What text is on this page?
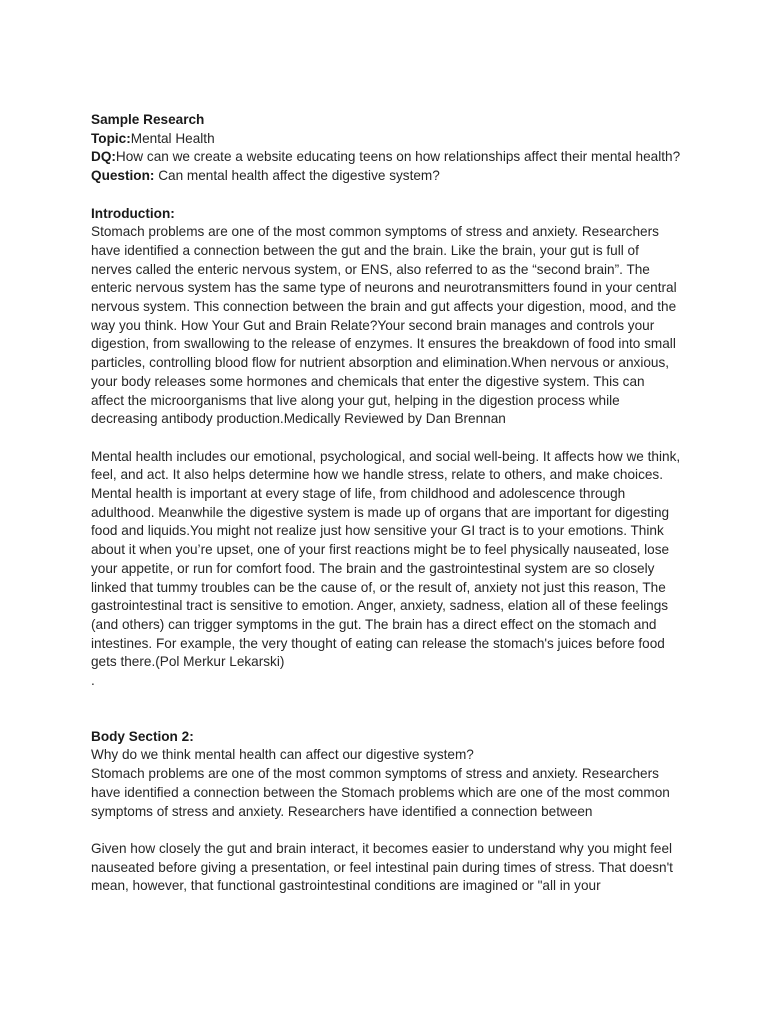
Sample Research

Topic:Mental Health

DQ:How can we create a website educating teens on how relationships affect their mental health?

Question: Can mental health affect the digestive system?

Introduction:

Stomach problems are one of the most common symptoms of stress and anxiety. Researchers have identified a connection between the gut and the brain. Like the brain, your gut is full of nerves called the enteric nervous system, or ENS, also referred to as the “second brain”. The enteric nervous system has the same type of neurons and neurotransmitters found in your central nervous system. This connection between the brain and gut affects your digestion, mood, and the way you think. How Your Gut and Brain Relate?Your second brain manages and controls your digestion, from swallowing to the release of enzymes. It ensures the breakdown of food into small particles, controlling blood flow for nutrient absorption and elimination.When nervous or anxious, your body releases some hormones and chemicals that enter the digestive system. This can affect the microorganisms that live along your gut, helping in the digestion process while decreasing antibody production.Medically Reviewed by Dan Brennan

Mental health includes our emotional, psychological, and social well-being. It affects how we think, feel, and act. It also helps determine how we handle stress, relate to others, and make choices. Mental health is important at every stage of life, from childhood and adolescence through adulthood. Meanwhile the digestive system is made up of organs that are important for digesting food and liquids.You might not realize just how sensitive your GI tract is to your emotions. Think about it when you’re upset, one of your first reactions might be to feel physically nauseated, lose your appetite, or run for comfort food. The brain and the gastrointestinal system are so closely linked that tummy troubles can be the cause of, or the result of, anxiety not just this reason, The gastrointestinal tract is sensitive to emotion. Anger, anxiety, sadness, elation all of these feelings (and others) can trigger symptoms in the gut. The brain has a direct effect on the stomach and intestines. For example, the very thought of eating can release the stomach's juices before food gets there.(Pol Merkur Lekarski)

.

Body Section 2:

Why do we think mental health can affect our digestive system?

Stomach problems are one of the most common symptoms of stress and anxiety. Researchers have identified a connection between the Stomach problems which are one of the most common symptoms of stress and anxiety. Researchers have identified a connection between

Given how closely the gut and brain interact, it becomes easier to understand why you might feel nauseated before giving a presentation, or feel intestinal pain during times of stress. That doesn't mean, however, that functional gastrointestinal conditions are imagined or "all in your
